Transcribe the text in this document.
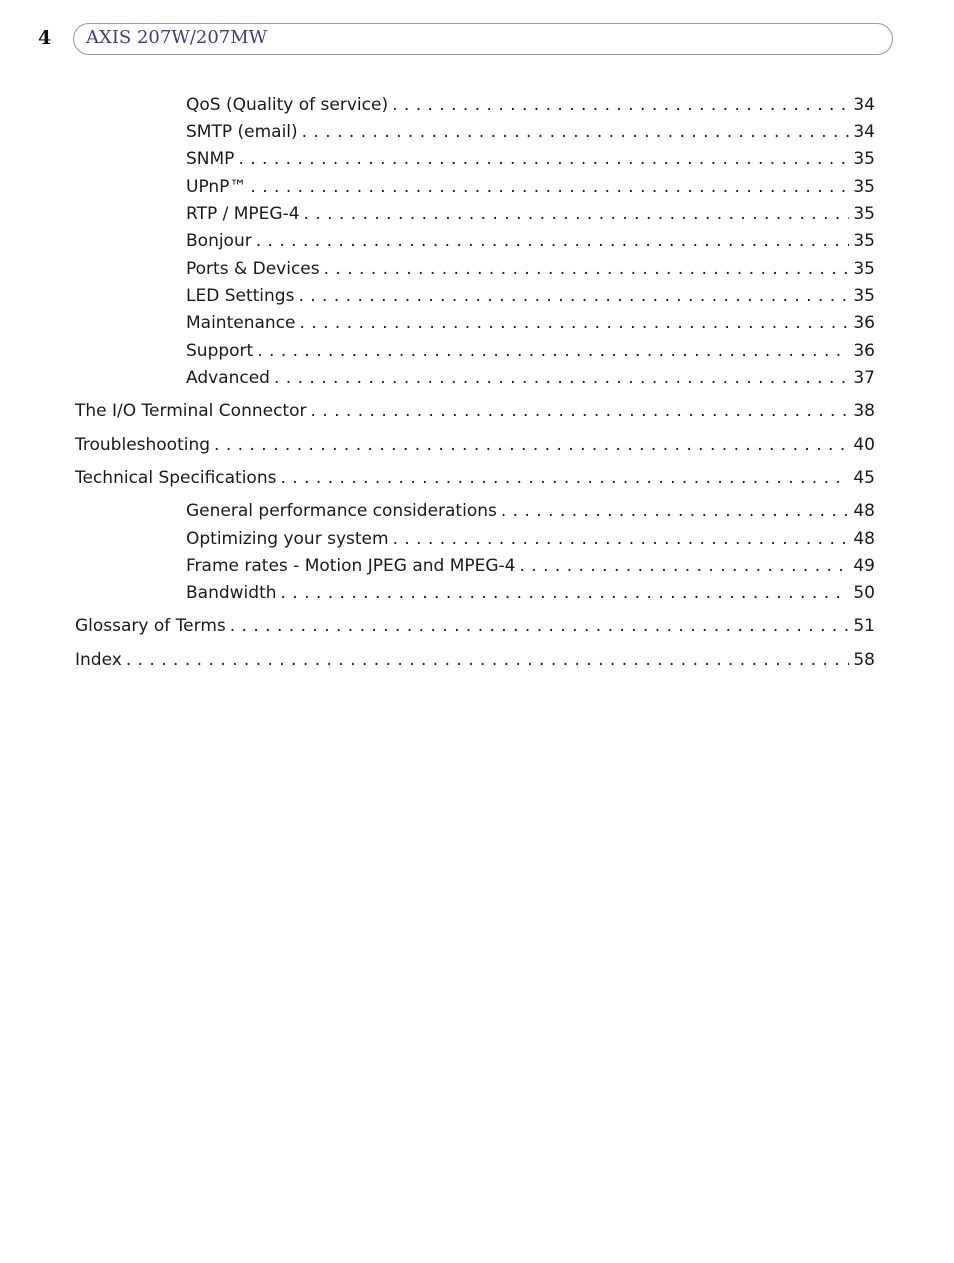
4 AXIS 207W/207MW
QoS (Quality of service) . . .	34
SMTP (email) . . .	34
SNMP . . .	35
UPnP™ . . .	35
RTP / MPEG-4 . . .	35
Bonjour . . .	35
Ports & Devices . . .	35
LED Settings . . .	35
Maintenance . . .	36
Support . . .	36
Advanced . . .	37
The I/O Terminal Connector . . .	38
Troubleshooting . . .	40
Technical Specifications . . .	45
General performance considerations . . .	48
Optimizing your system . . .	48
Frame rates - Motion JPEG and MPEG-4 . . .	49
Bandwidth . . .	50
Glossary of Terms . . .	51
Index . . .	58
